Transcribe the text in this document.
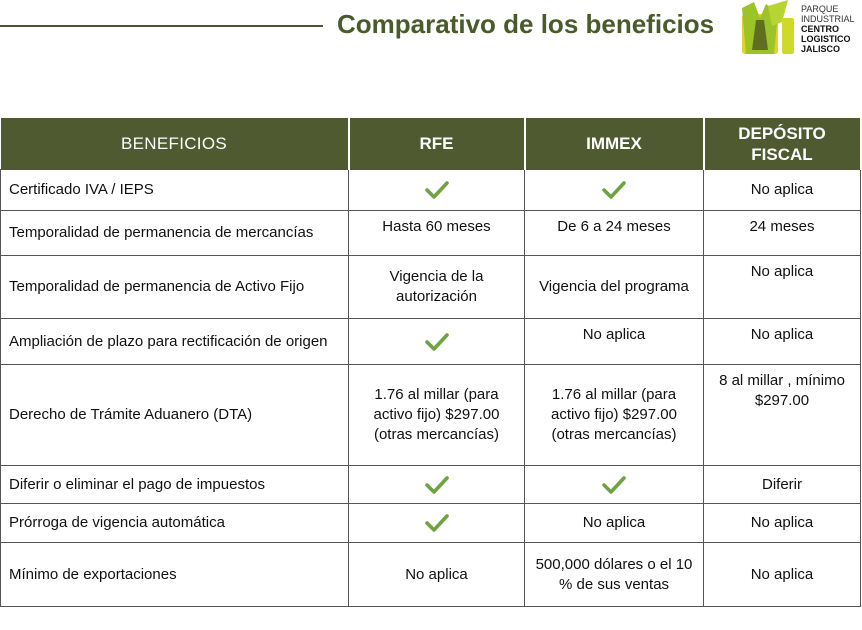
Comparativo de los beneficios	PARQUE
INDUSTRIAL
CENTRO
LOGISTICO
JALISCO
BENEFICIOS	RFE	IMMEX	DEPÓSITO FISCAL
Certificado IVA / IEPS			No aplica
Temporalidad de permanencia de mercancías	Hasta 60 meses	De 6 a 24 meses	24 meses
Temporalidad de permanencia de Activo Fijo	Vigencia de la autorización	Vigencia del programa	No aplica
Ampliación de plazo para rectificación de origen		No aplica	No aplica
Derecho de Trámite Aduanero (DTA)	1.76 al millar (para activo fijo) $297.00 (otras mercancías)	1.76 al millar (para activo fijo) $297.00 (otras mercancías)	8 al millar , mínimo $297.00
Diferir o eliminar el pago de impuestos			Diferir
Prórroga de vigencia automática		No aplica	No aplica
Mínimo de exportaciones	No aplica	500,000 dólares o el 10 % de sus ventas	No aplica
